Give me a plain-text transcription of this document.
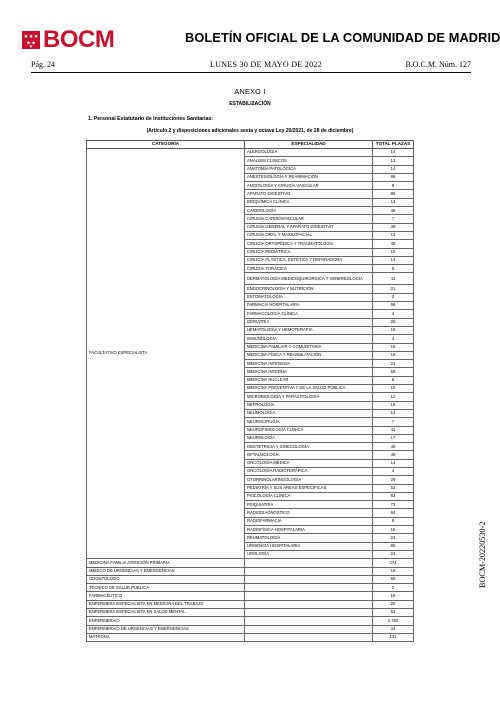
BOCM	BOLETÍN OFICIAL DE LA COMUNIDAD DE MADRID
Pág. 24	LUNES 30 DE MAYO DE 2022	B.O.C.M. Núm. 127
ANEXO I
ESTABILIZACIÓN
1. Personal Estatutario de Instituciones Sanitarias:
(Artículo 2 y disposiciones adicionales sexta y octava Ley 20/2021, de 28 de diciembre)
CATEGORÍA	ESPECIALIDAD	TOTAL PLAZAS
FACULTATIVO ESPECIALISTA	ALERGOLOGÍA	14
	ANÁLISIS CLÍNICOS	13
	ANATOMÍA PATOLÓGICA	14
	ANESTESIOLOGÍA Y REANIMACIÓN	86
	ANGIOLOGÍA Y CIRUGÍA VASCULAR	9
	APARATO DIGESTIVO	89
	BIOQUÍMICA CLÍNICA	13
	CARDIOLOGÍA	45
	CIRUGÍA CARDIOVASCULAR	7
	CIRUGÍA GENERAL Y APARATO DIGESTIVO	39
	CIRUGÍA ORAL Y MAXILOFACIAL	13
	CIRUGÍA ORTOPÉDICA Y TRAUMATOLOGÍA	49
	CIRUGÍA PEDIÁTRICA	10
	CIRUGÍA PLÁSTICA, ESTÉTICA Y REPARADORA	14
	CIRUGÍA TORÁCICA	5
	DERMATOLOGÍA MEDICOQUIRÚRGICA Y VENEREOLOGÍA	11
	ENDOCRINOLOGÍA Y NUTRICIÓN	21
	ESTOMATOLOGÍA	2
	FARMACIA HOSPITALARIA	66
	FARMACOLOGÍA CLÍNICA	4
	GERIATRÍA	26
	HEMATOLOGÍA Y HEMOTERAPIA	19
	INMUNOLOGÍA	4
	MEDICINA FAMILIAR Y COMUNITARIA	15
	MEDICINA FÍSICA Y REHABILITACIÓN	18
	MEDICINA INTENSIVA	21
	MEDICINA INTERNA	58
	MEDICINA NUCLEAR	8
	MEDICINA PREVENTIVA Y DE LA SALUD PÚBLICA	10
	MICROBIOLOGÍA Y PARASITOLOGÍA	12
	NEFROLOGÍA	18
	NEUMOLOGÍA	14
	NEUROCIRUGÍA	7
	NEUROFISIOLOGÍA CLÍNICA	11
	NEUROLOGÍA	17
	OBSTETRICIA Y GINECOLOGÍA	48
	OFTALMOLOGÍA	45
	ONCOLOGÍA MÉDICA	14
	ONCOLOGÍA RADIOTERÁPICA	4
	OTORRINOLARINGOLOGÍA	29
	PEDIATRÍA Y SUS ÁREAS ESPECÍFICAS	52
	PSICOLOGÍA CLÍNICA	93
	PSIQUIATRÍA	73
	RADIODIAGNÓSTICO	84
	RADIOFARMACIA	5
	RADIOFÍSICA HOSPITALARIA	15
	REUMATOLOGÍA	24
	URGENCIA HOSPITALARIA	80
	UROLOGÍA	24
MEDICINA FAMILIA ATENCIÓN PRIMARIA		274
MÉDICO DE URGENCIAS Y EMERGENCIAS		18
ODONTÓLOGO		50
TÉCNICO DE SALUD PÚBLICA		2
FARMACÉUTICO		16
ENFERMERA ESPECIALISTA EN MEDICINA DEL TRABAJO		20
ENFERMERA ESPECIALISTA EN SALUD MENTAL		53
ENFERMERA/O		2.782
ENFERMERA/O DE URGENCIAS Y EMERGENCIAS		34
MATRONA		131
BOCM-20220530-2
